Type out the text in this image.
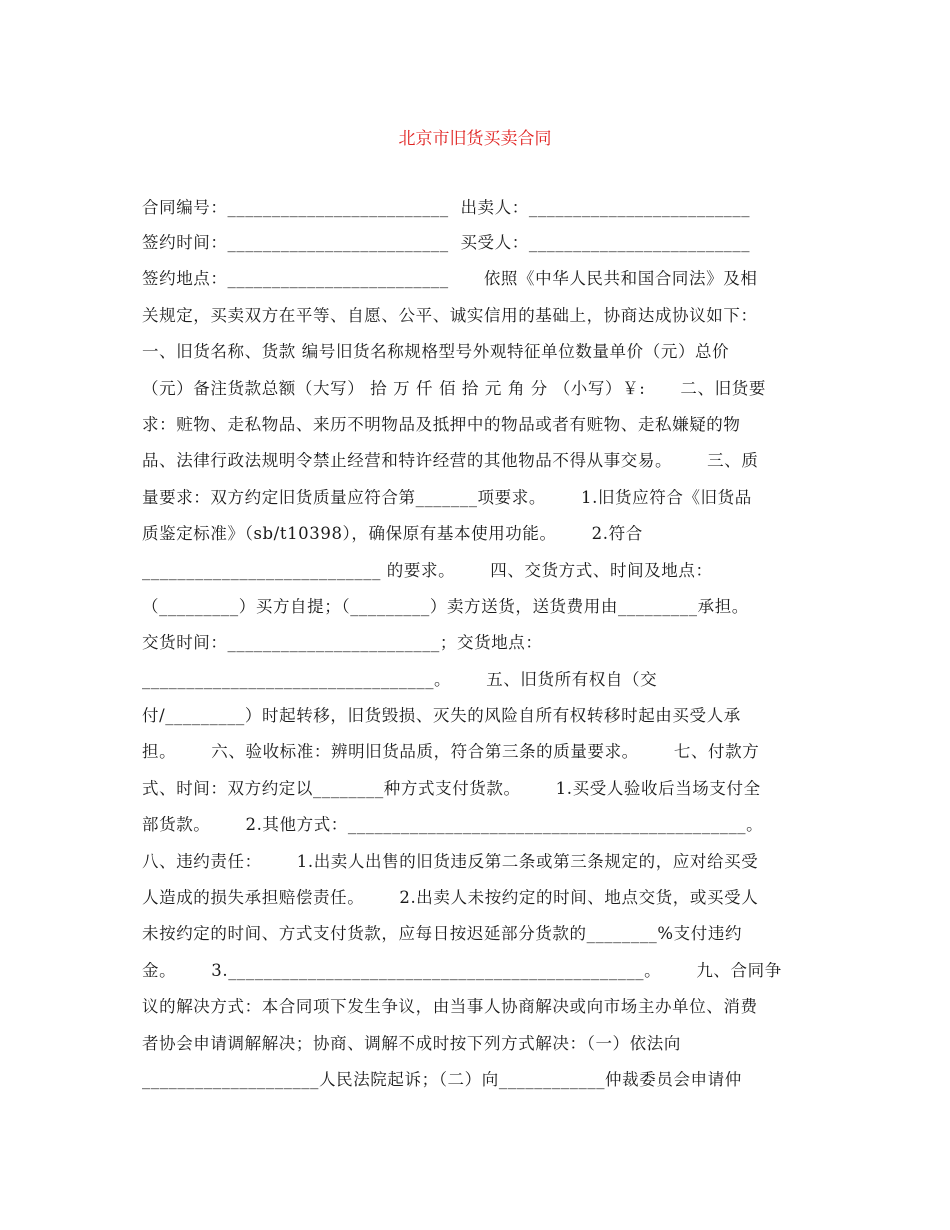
北京市旧货买卖合同
合同编号：_________________________  出卖人：_________________________
签约时间：_________________________  买受人：_________________________
签约地点：_________________________      依照《中华人民共和国合同法》及相
关规定，买卖双方在平等、自愿、公平、诚实信用的基础上，协商达成协议如下：
一、旧货名称、货款 编号旧货名称规格型号外观特征单位数量单价（元）总价
（元）备注货款总额（大写） 拾 万 仟 佰 拾 元 角 分 （小写）￥:      二、旧货要
求：赃物、走私物品、来历不明物品及抵押中的物品或者有赃物、走私嫌疑的物
品、法律行政法规明令禁止经营和特许经营的其他物品不得从事交易。      三、质
量要求：双方约定旧货质量应符合第_______项要求。      1.旧货应符合《旧货品
质鉴定标准》（sb/t10398），确保原有基本使用功能。      2.符合
___________________________ 的要求。      四、交货方式、时间及地点：
（_________）买方自提；（_________）卖方送货，送货费用由_________承担。
交货时间：________________________；交货地点：
_________________________________。      五、旧货所有权自（交
付/_________）时起转移，旧货毁损、灭失的风险自所有权转移时起由买受人承
担。      六、验收标准：辨明旧货品质，符合第三条的质量要求。      七、付款方
式、时间：双方约定以________种方式支付货款。      1.买受人验收后当场支付全
部货款。      2.其他方式：_____________________________________________。
八、违约责任：      1.出卖人出售的旧货违反第二条或第三条规定的，应对给买受
人造成的损失承担赔偿责任。      2.出卖人未按约定的时间、地点交货，或买受人
未按约定的时间、方式支付货款，应每日按迟延部分货款的________%支付违约
金。      3._______________________________________________。      九、合同争
议的解决方式：本合同项下发生争议，由当事人协商解决或向市场主办单位、消费
者协会申请调解解决；协商、调解不成时按下列方式解决：（一）依法向
____________________人民法院起诉；（二）向____________仲裁委员会申请仲
